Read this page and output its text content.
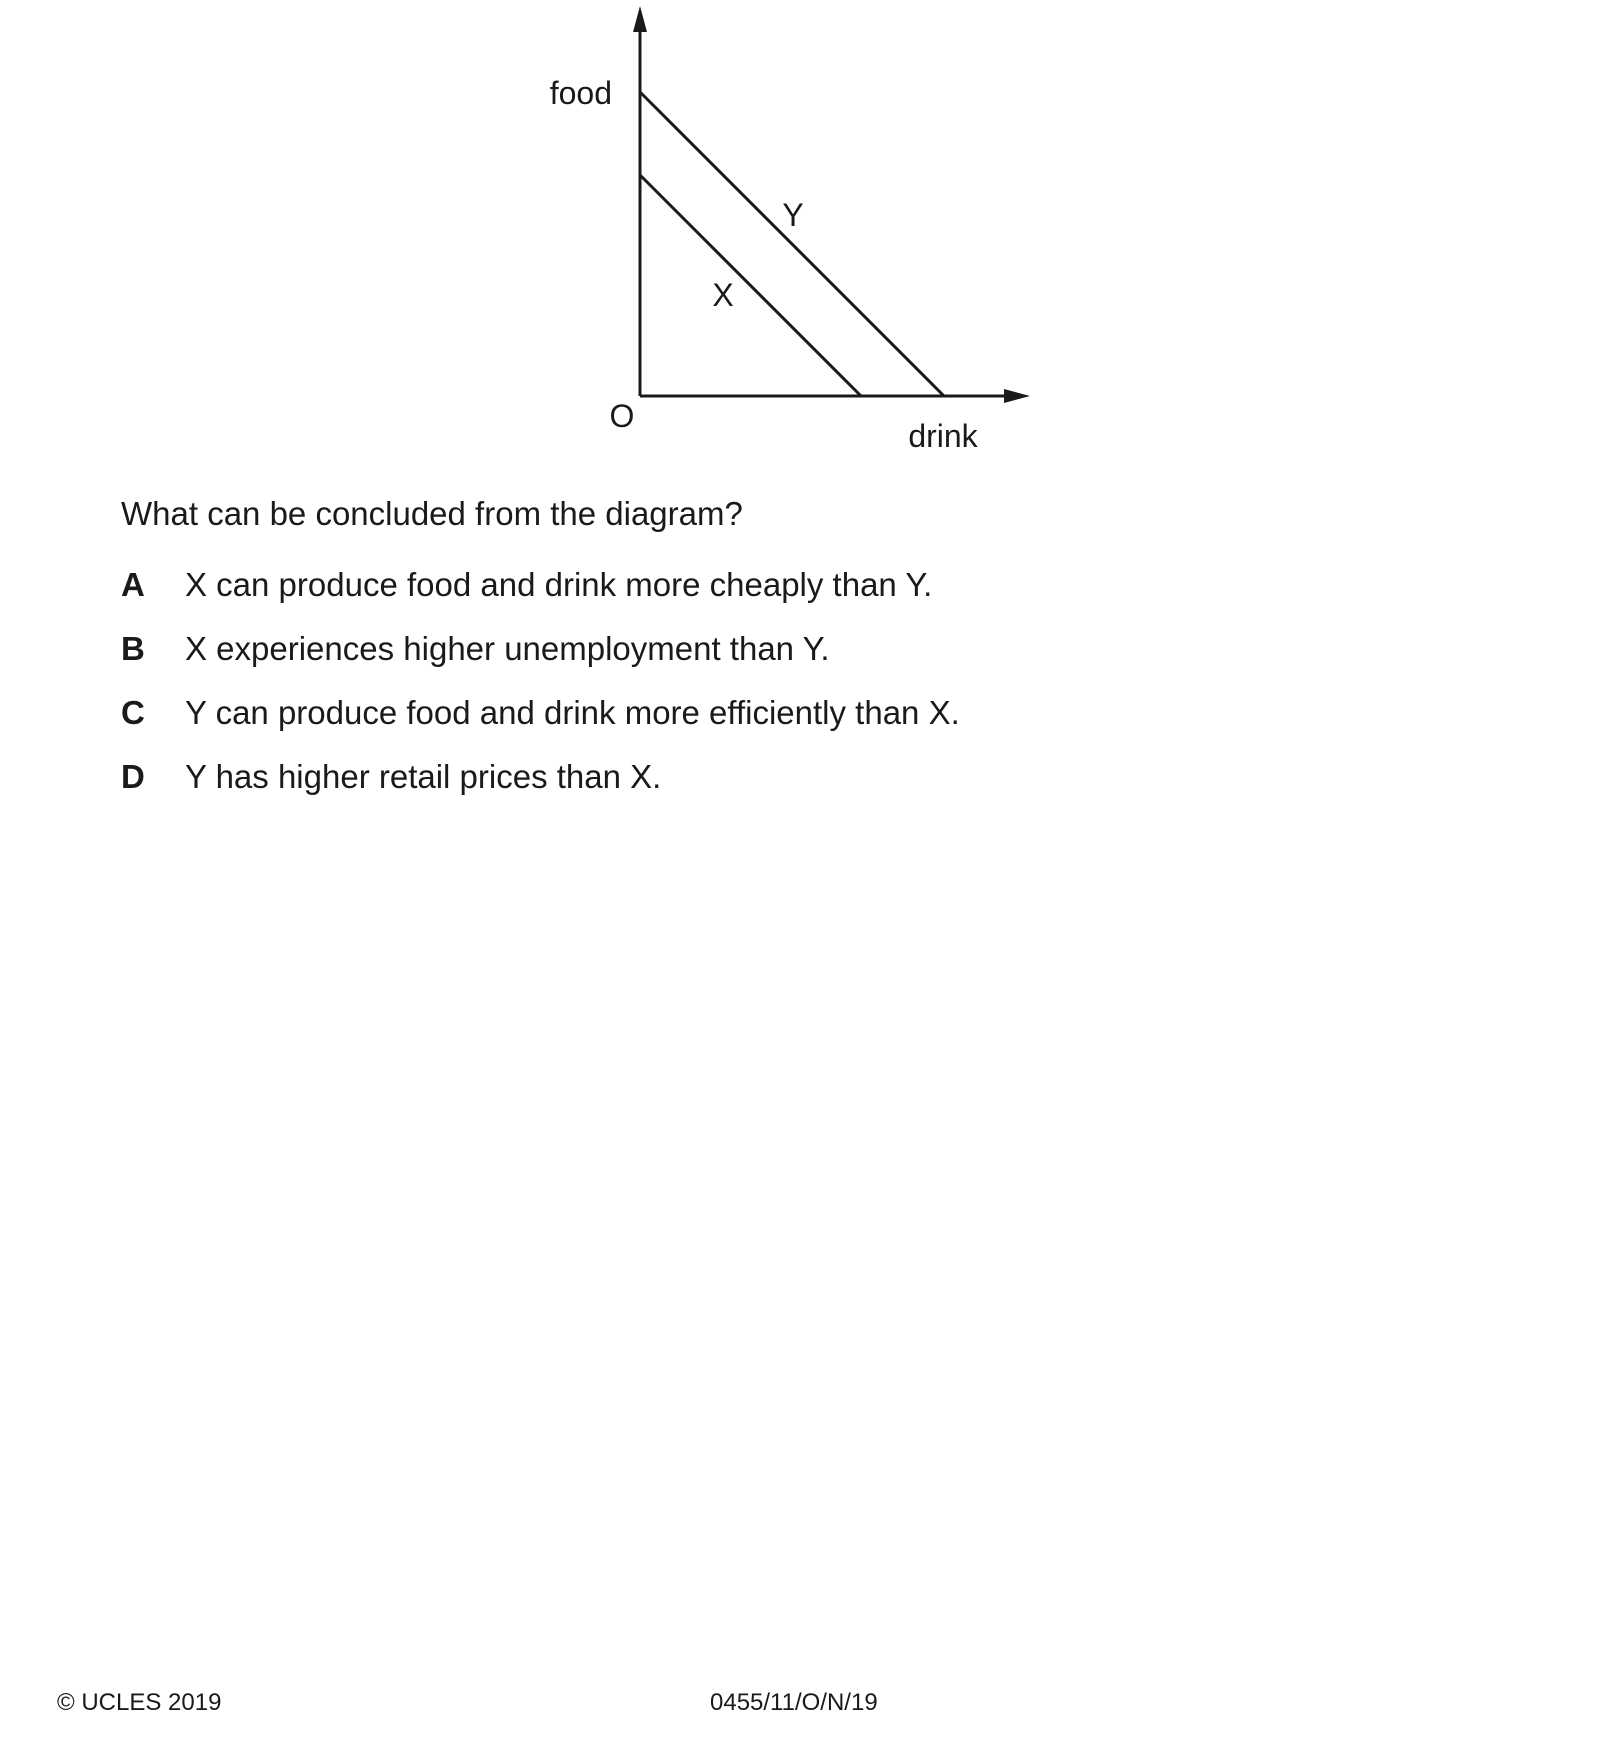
food
drink
O
Y
X
What can be concluded from the diagram?
A X can produce food and drink more cheaply than Y.
B X experiences higher unemployment than Y.
C Y can produce food and drink more efficiently than X.
D Y has higher retail prices than X.
© UCLES 2019	0455/11/O/N/19
